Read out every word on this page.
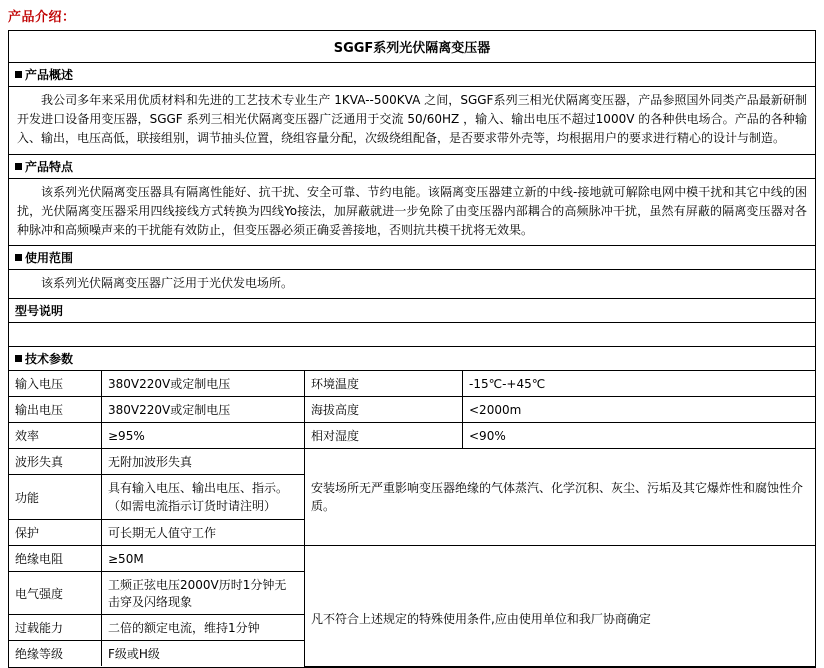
产品介绍：
SGGF系列光伏隔离变压器
产品概述
我公司多年来采用优质材料和先进的工艺技术专业生产 1KVA--500KVA 之间，SGGF系列三相光伏隔离变压器，产品参照国外同类产品最新研制开发进口设备用变压器，SGGF 系列三相光伏隔离变压器广泛通用于交流 50/60HZ ，输入、输出电压不超过1000V 的各种供电场合。产品的各种输入、输出，电压高低，联接组别，调节抽头位置，绕组容量分配，次级绕组配备，是否要求带外壳等，均根据用户的要求进行精心的设计与制造。
产品特点
该系列光伏隔离变压器具有隔离性能好、抗干扰、安全可靠、节约电能。该隔离变压器建立新的中线-接地就可解除电网中模干扰和其它中线的困扰，光伏隔离变压器采用四线接线方式转换为四线Yo接法，加屏蔽就进一步免除了由变压器内部耦合的高频脉冲干扰，虽然有屏蔽的隔离变压器对各种脉冲和高频噪声来的干扰能有效防止，但变压器必须正确妥善接地，否则抗共模干扰将无效果。
使用范围
该系列光伏隔离变压器广泛用于光伏发电场所。
型号说明

技术参数
输入电压	380V220V或定制电压	环境温度	-15℃-+45℃
输出电压	380V220V或定制电压	海拔高度	<2000m
效率	≥95%	相对湿度	<90%
波形失真	无附加波形失真	安装场所无严重影响变压器绝缘的气体蒸汽、化学沉积、灰尘、污垢及其它爆炸性和腐蚀性介质。	
功能	具有输入电压、输出电压、指示。（如需电流指示订货时请注明）		
保护	可长期无人值守工作		
绝缘电阻	≥50M		
电气强度	工频正弦电压2000V历时1分钟无击穿及闪络现象	凡不符合上述规定的特殊使用条件,应由使用单位和我厂协商确定	
过载能力	二倍的额定电流，维持1分钟		
绝缘等级	F级或H级		
